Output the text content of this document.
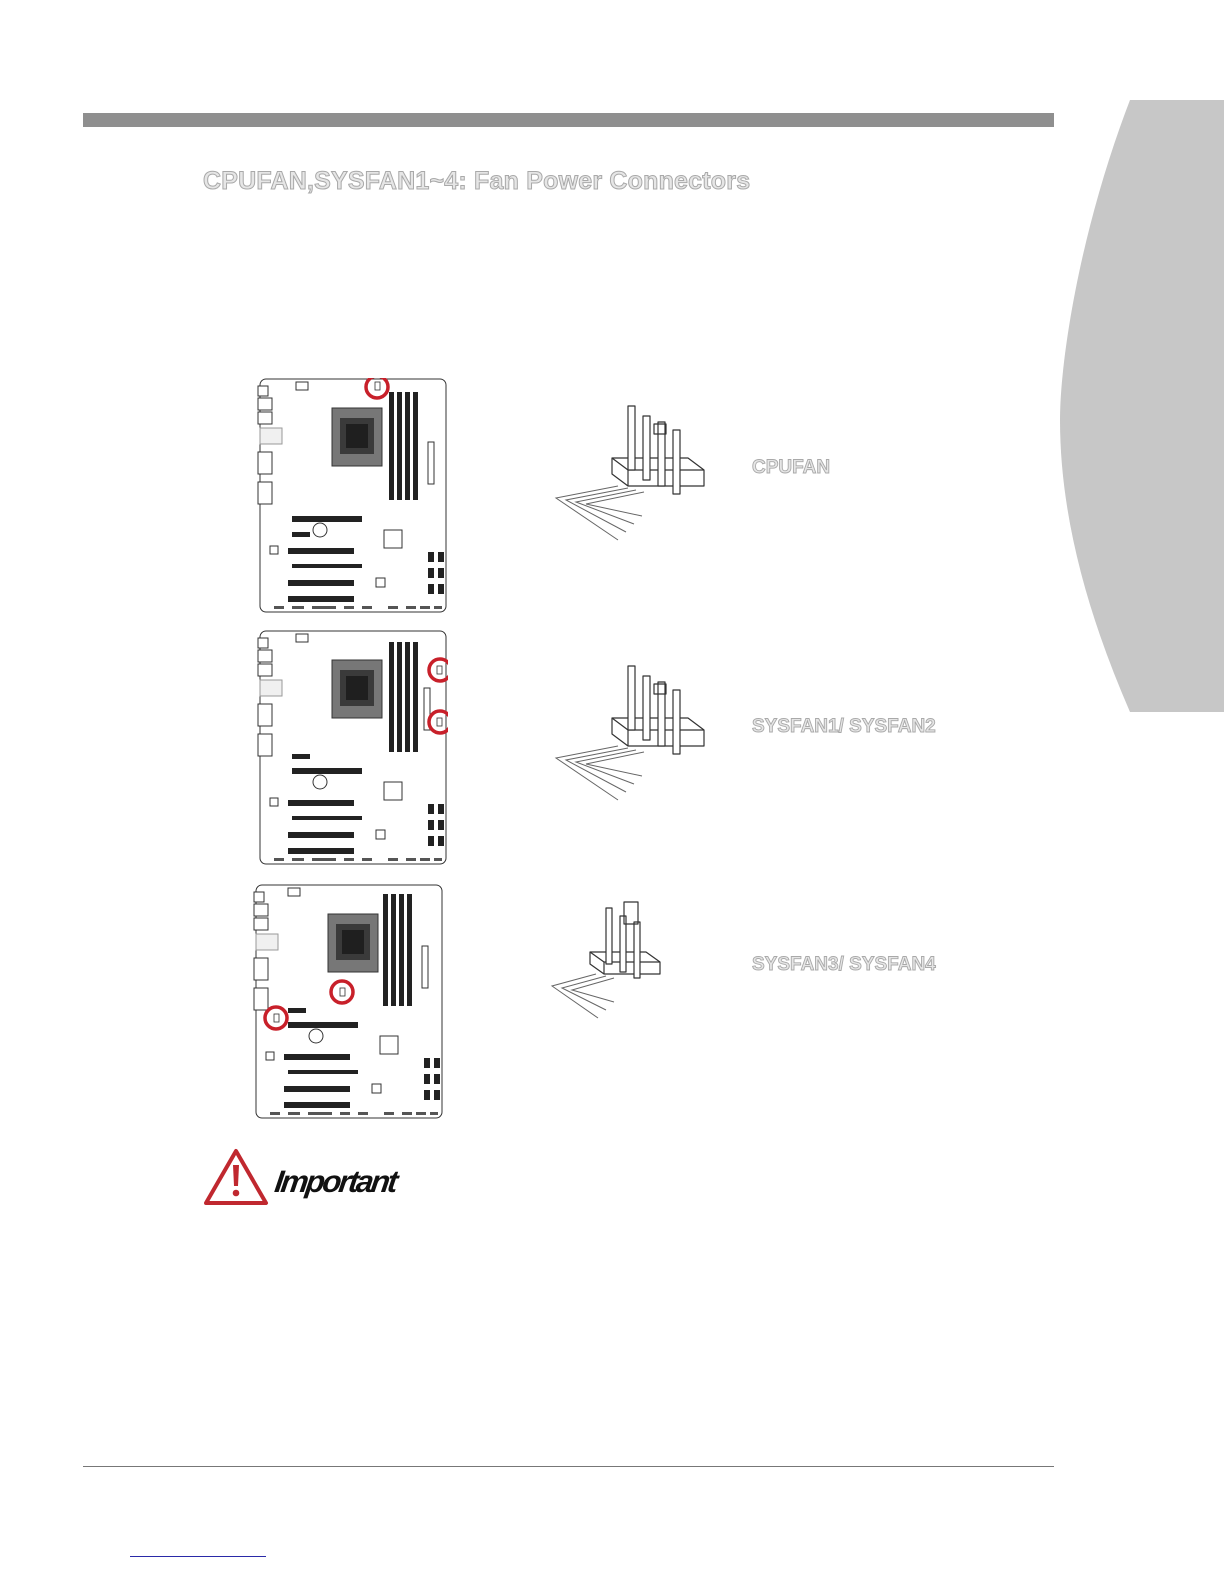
CPUFAN,SYSFAN1~4: Fan Power Connectors

CPUFAN

SYSFAN1/ SYSFAN2

SYSFAN3/ SYSFAN4

Important
